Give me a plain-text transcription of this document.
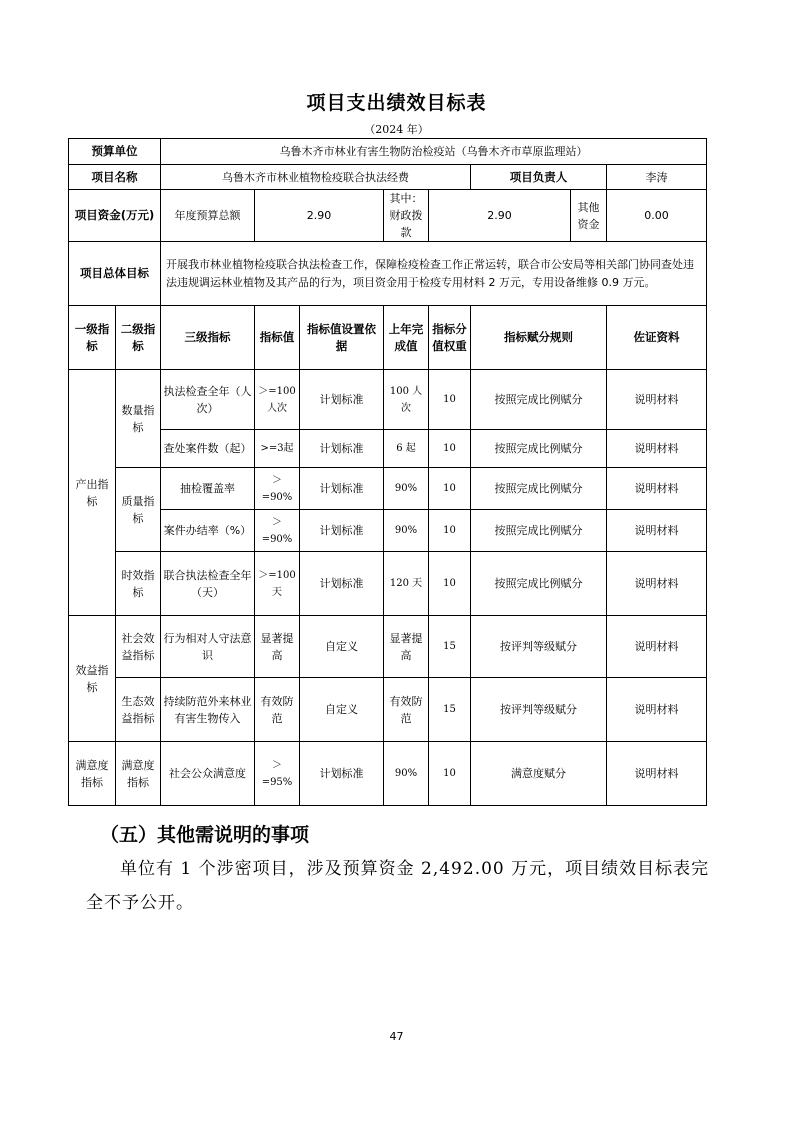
项目支出绩效目标表
（2024 年）
预算单位		乌鲁木齐市林业有害生物防治检疫站（乌鲁木齐市草原监理站）							
项目名称		乌鲁木齐市林业植物检疫联合执法经费					项目负责人		李涛
项目资金(万元)		年度预算总额	2.90		其中：财政拨款	2.90		其他资金	0.00
项目总体目标		开展我市林业植物检疫联合执法检查工作，保障检疫检查工作正常运转，联合市公安局等相关部门协同查处违法违规调运林业植物及其产品的行为，项目资金用于检疫专用材料 2 万元，专用设备维修 0.9 万元。							
一级指标	二级指标	三级指标	指标值	指标值设置依据	上年完成值	指标分值权重	指标赋分规则		佐证资料
产出指标	数量指标	执法检查全年（人次）	＞=100人次	计划标准	100 人次	10	按照完成比例赋分		说明材料
		查处案件数（起）	>=3起	计划标准	6 起	10	按照完成比例赋分		说明材料
	质量指标	抽检覆盖率	＞=90%	计划标准	90%	10	按照完成比例赋分		说明材料
		案件办结率（%）	＞=90%	计划标准	90%	10	按照完成比例赋分		说明材料
	时效指标	联合执法检查全年（天）	＞=100天	计划标准	120 天	10	按照完成比例赋分		说明材料
效益指标	社会效益指标	行为相对人守法意识	显著提高	自定义	显著提高	15	按评判等级赋分		说明材料
	生态效益指标	持续防范外来林业有害生物传入	有效防范	自定义	有效防范	15	按评判等级赋分		说明材料
满意度指标	满意度指标	社会公众满意度	＞=95%	计划标准	90%	10	满意度赋分		说明材料
（五）其他需说明的事项
单位有 1 个涉密项目，涉及预算资金 2,492.00 万元，项目绩效目标表完全不予公开。
47
